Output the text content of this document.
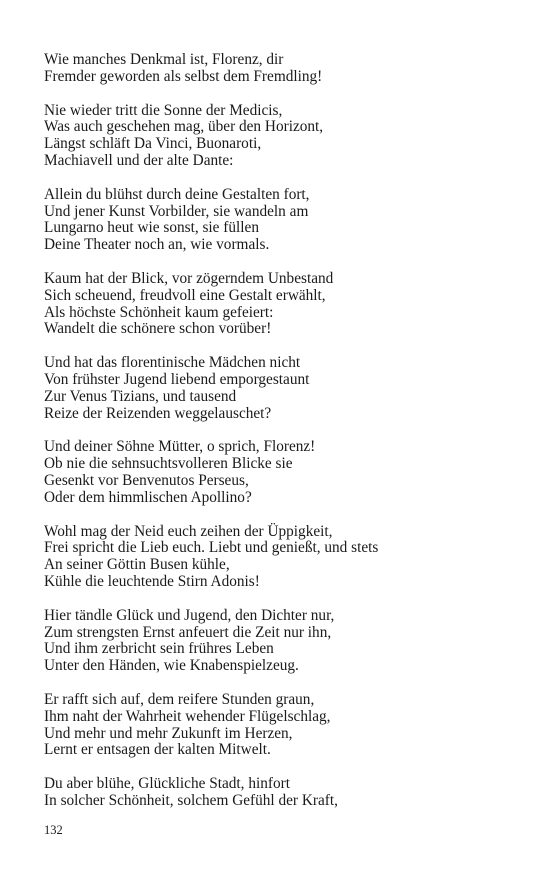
Wie manches Denkmal ist, Florenz, dir
Fremder geworden als selbst dem Fremdling!
Nie wieder tritt die Sonne der Medicis,
Was auch geschehen mag, über den Horizont,
Längst schläft Da Vinci, Buonaroti,
Machiavell und der alte Dante:
Allein du blühst durch deine Gestalten fort,
Und jener Kunst Vorbilder, sie wandeln am
Lungarno heut wie sonst, sie füllen
Deine Theater noch an, wie vormals.
Kaum hat der Blick, vor zögerndem Unbestand
Sich scheuend, freudvoll eine Gestalt erwählt,
Als höchste Schönheit kaum gefeiert:
Wandelt die schönere schon vorüber!
Und hat das florentinische Mädchen nicht
Von frühster Jugend liebend emporgestaunt
Zur Venus Tizians, und tausend
Reize der Reizenden weggelauschet?
Und deiner Söhne Mütter, o sprich, Florenz!
Ob nie die sehnsuchtsvolleren Blicke sie
Gesenkt vor Benvenutos Perseus,
Oder dem himmlischen Apollino?
Wohl mag der Neid euch zeihen der Üppigkeit,
Frei spricht die Lieb euch. Liebt und genießt, und stets
An seiner Göttin Busen kühle,
Kühle die leuchtende Stirn Adonis!
Hier tändle Glück und Jugend, den Dichter nur,
Zum strengsten Ernst anfeuert die Zeit nur ihn,
Und ihm zerbricht sein frühres Leben
Unter den Händen, wie Knabenspielzeug.
Er rafft sich auf, dem reifere Stunden graun,
Ihm naht der Wahrheit wehender Flügelschlag,
Und mehr und mehr Zukunft im Herzen,
Lernt er entsagen der kalten Mitwelt.
Du aber blühe, Glückliche Stadt, hinfort
In solcher Schönheit, solchem Gefühl der Kraft,
132
